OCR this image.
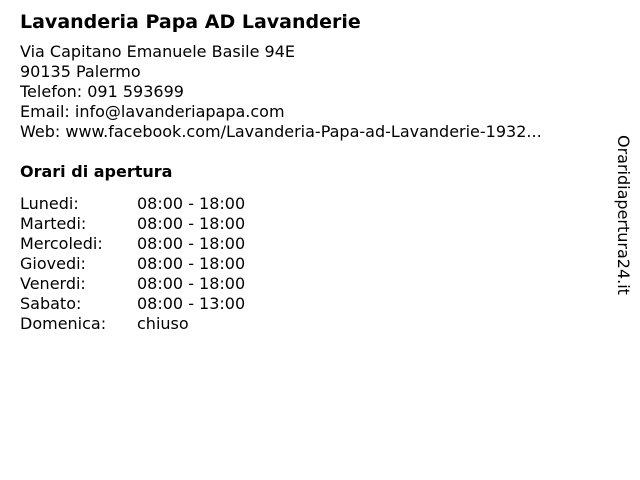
Lavanderia Papa AD Lavanderie
Via Capitano Emanuele Basile 94E
90135 Palermo
Telefon: 091 593699
Email: info@lavanderiapapa.com
Web: www.facebook.com/Lavanderia-Papa-ad-Lavanderie-1932...
Orari di apertura
Lunedi:	08:00 - 18:00
Martedi:	08:00 - 18:00
Mercoledi:	08:00 - 18:00
Giovedi:	08:00 - 18:00
Venerdi:	08:00 - 18:00
Sabato:	08:00 - 13:00
Domenica:	chiuso
Oraridiapertura24.it
